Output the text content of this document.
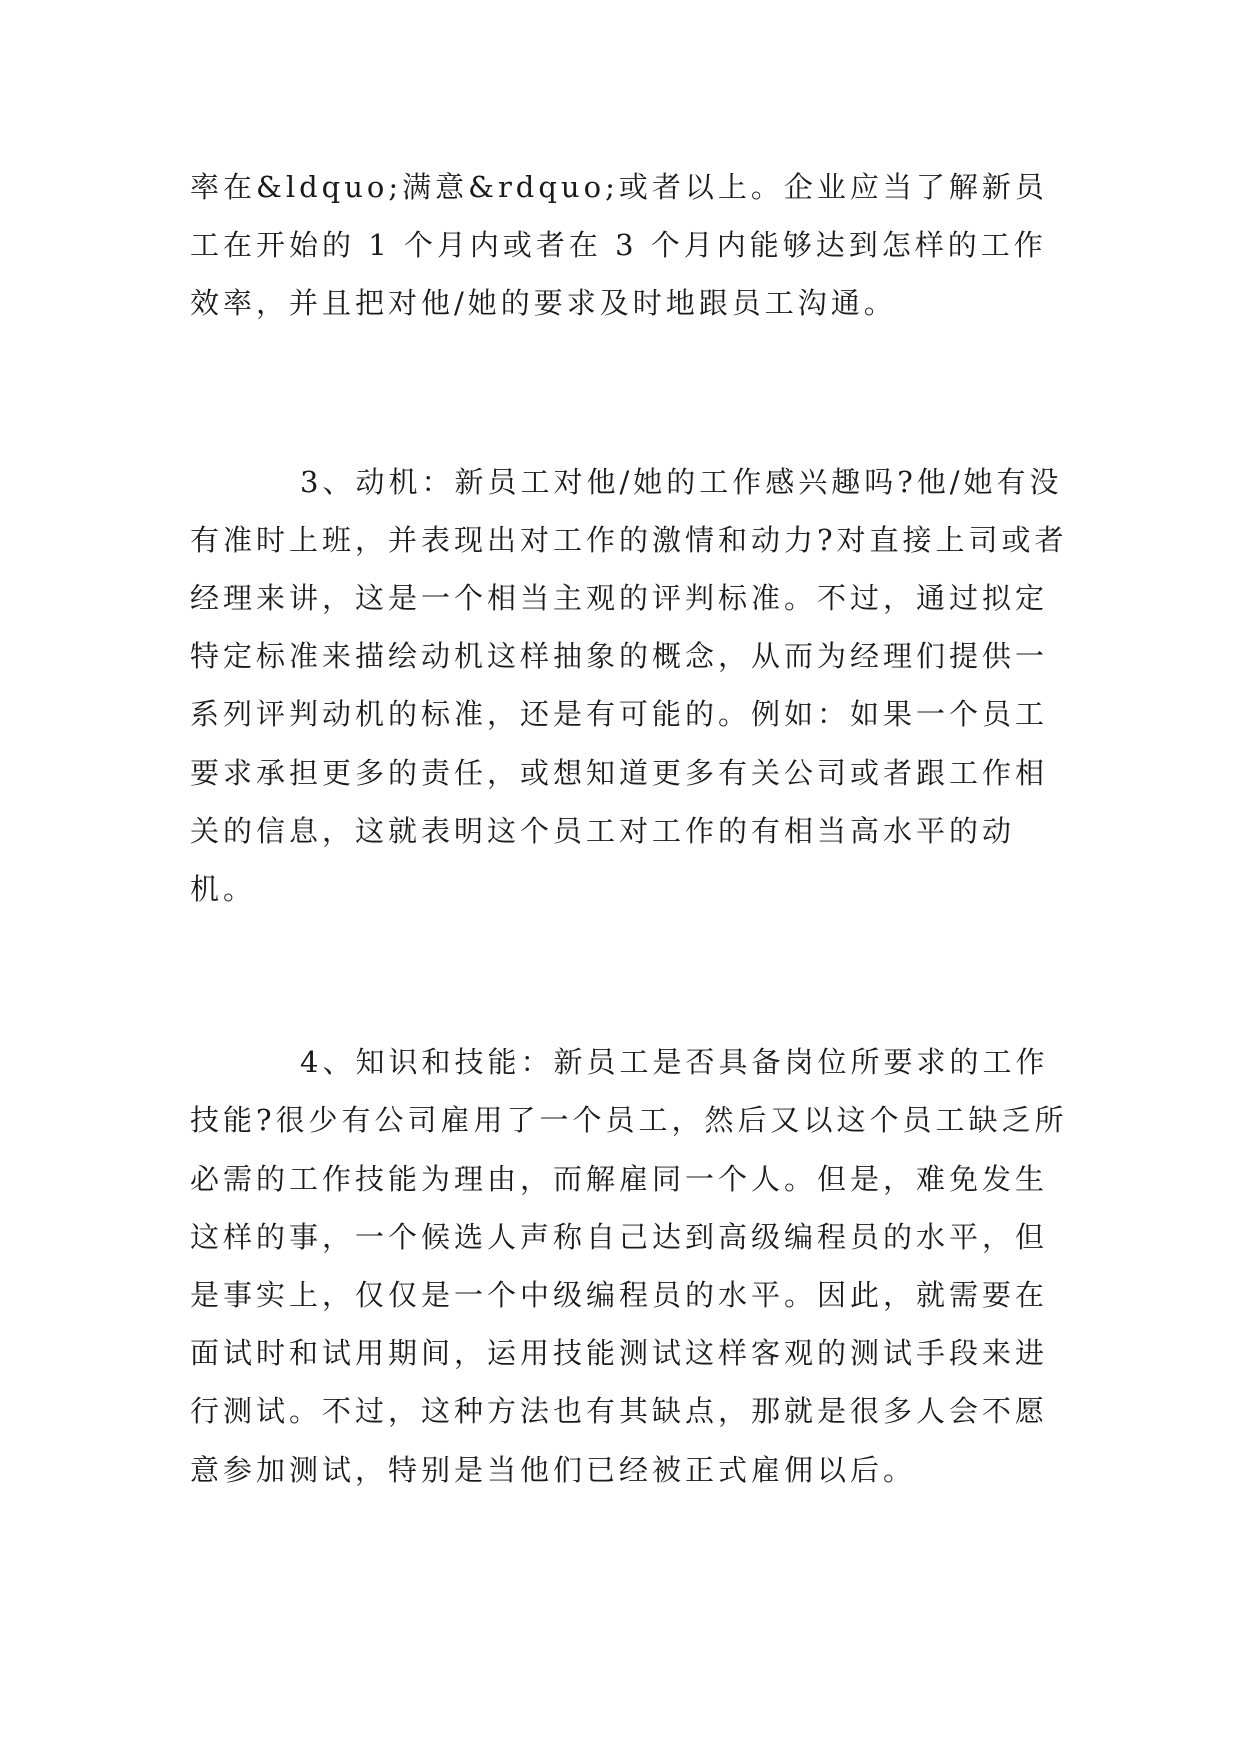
率在&ldquo;满意&rdquo;或者以上。企业应当了解新员工在开始的 1 个月内或者在 3 个月内能够达到怎样的工作效率，并且把对他/她的要求及时地跟员工沟通。

3、动机：新员工对他/她的工作感兴趣吗?他/她有没有准时上班，并表现出对工作的激情和动力?对直接上司或者经理来讲，这是一个相当主观的评判标准。不过，通过拟定特定标准来描绘动机这样抽象的概念，从而为经理们提供一系列评判动机的标准，还是有可能的。例如：如果一个员工要求承担更多的责任，或想知道更多有关公司或者跟工作相关的信息，这就表明这个员工对工作的有相当高水平的动机。

4、知识和技能：新员工是否具备岗位所要求的工作技能?很少有公司雇用了一个员工，然后又以这个员工缺乏所必需的工作技能为理由，而解雇同一个人。但是，难免发生这样的事，一个候选人声称自己达到高级编程员的水平，但是事实上，仅仅是一个中级编程员的水平。因此，就需要在面试时和试用期间，运用技能测试这样客观的测试手段来进行测试。不过，这种方法也有其缺点，那就是很多人会不愿意参加测试，特别是当他们已经被正式雇佣以后。
